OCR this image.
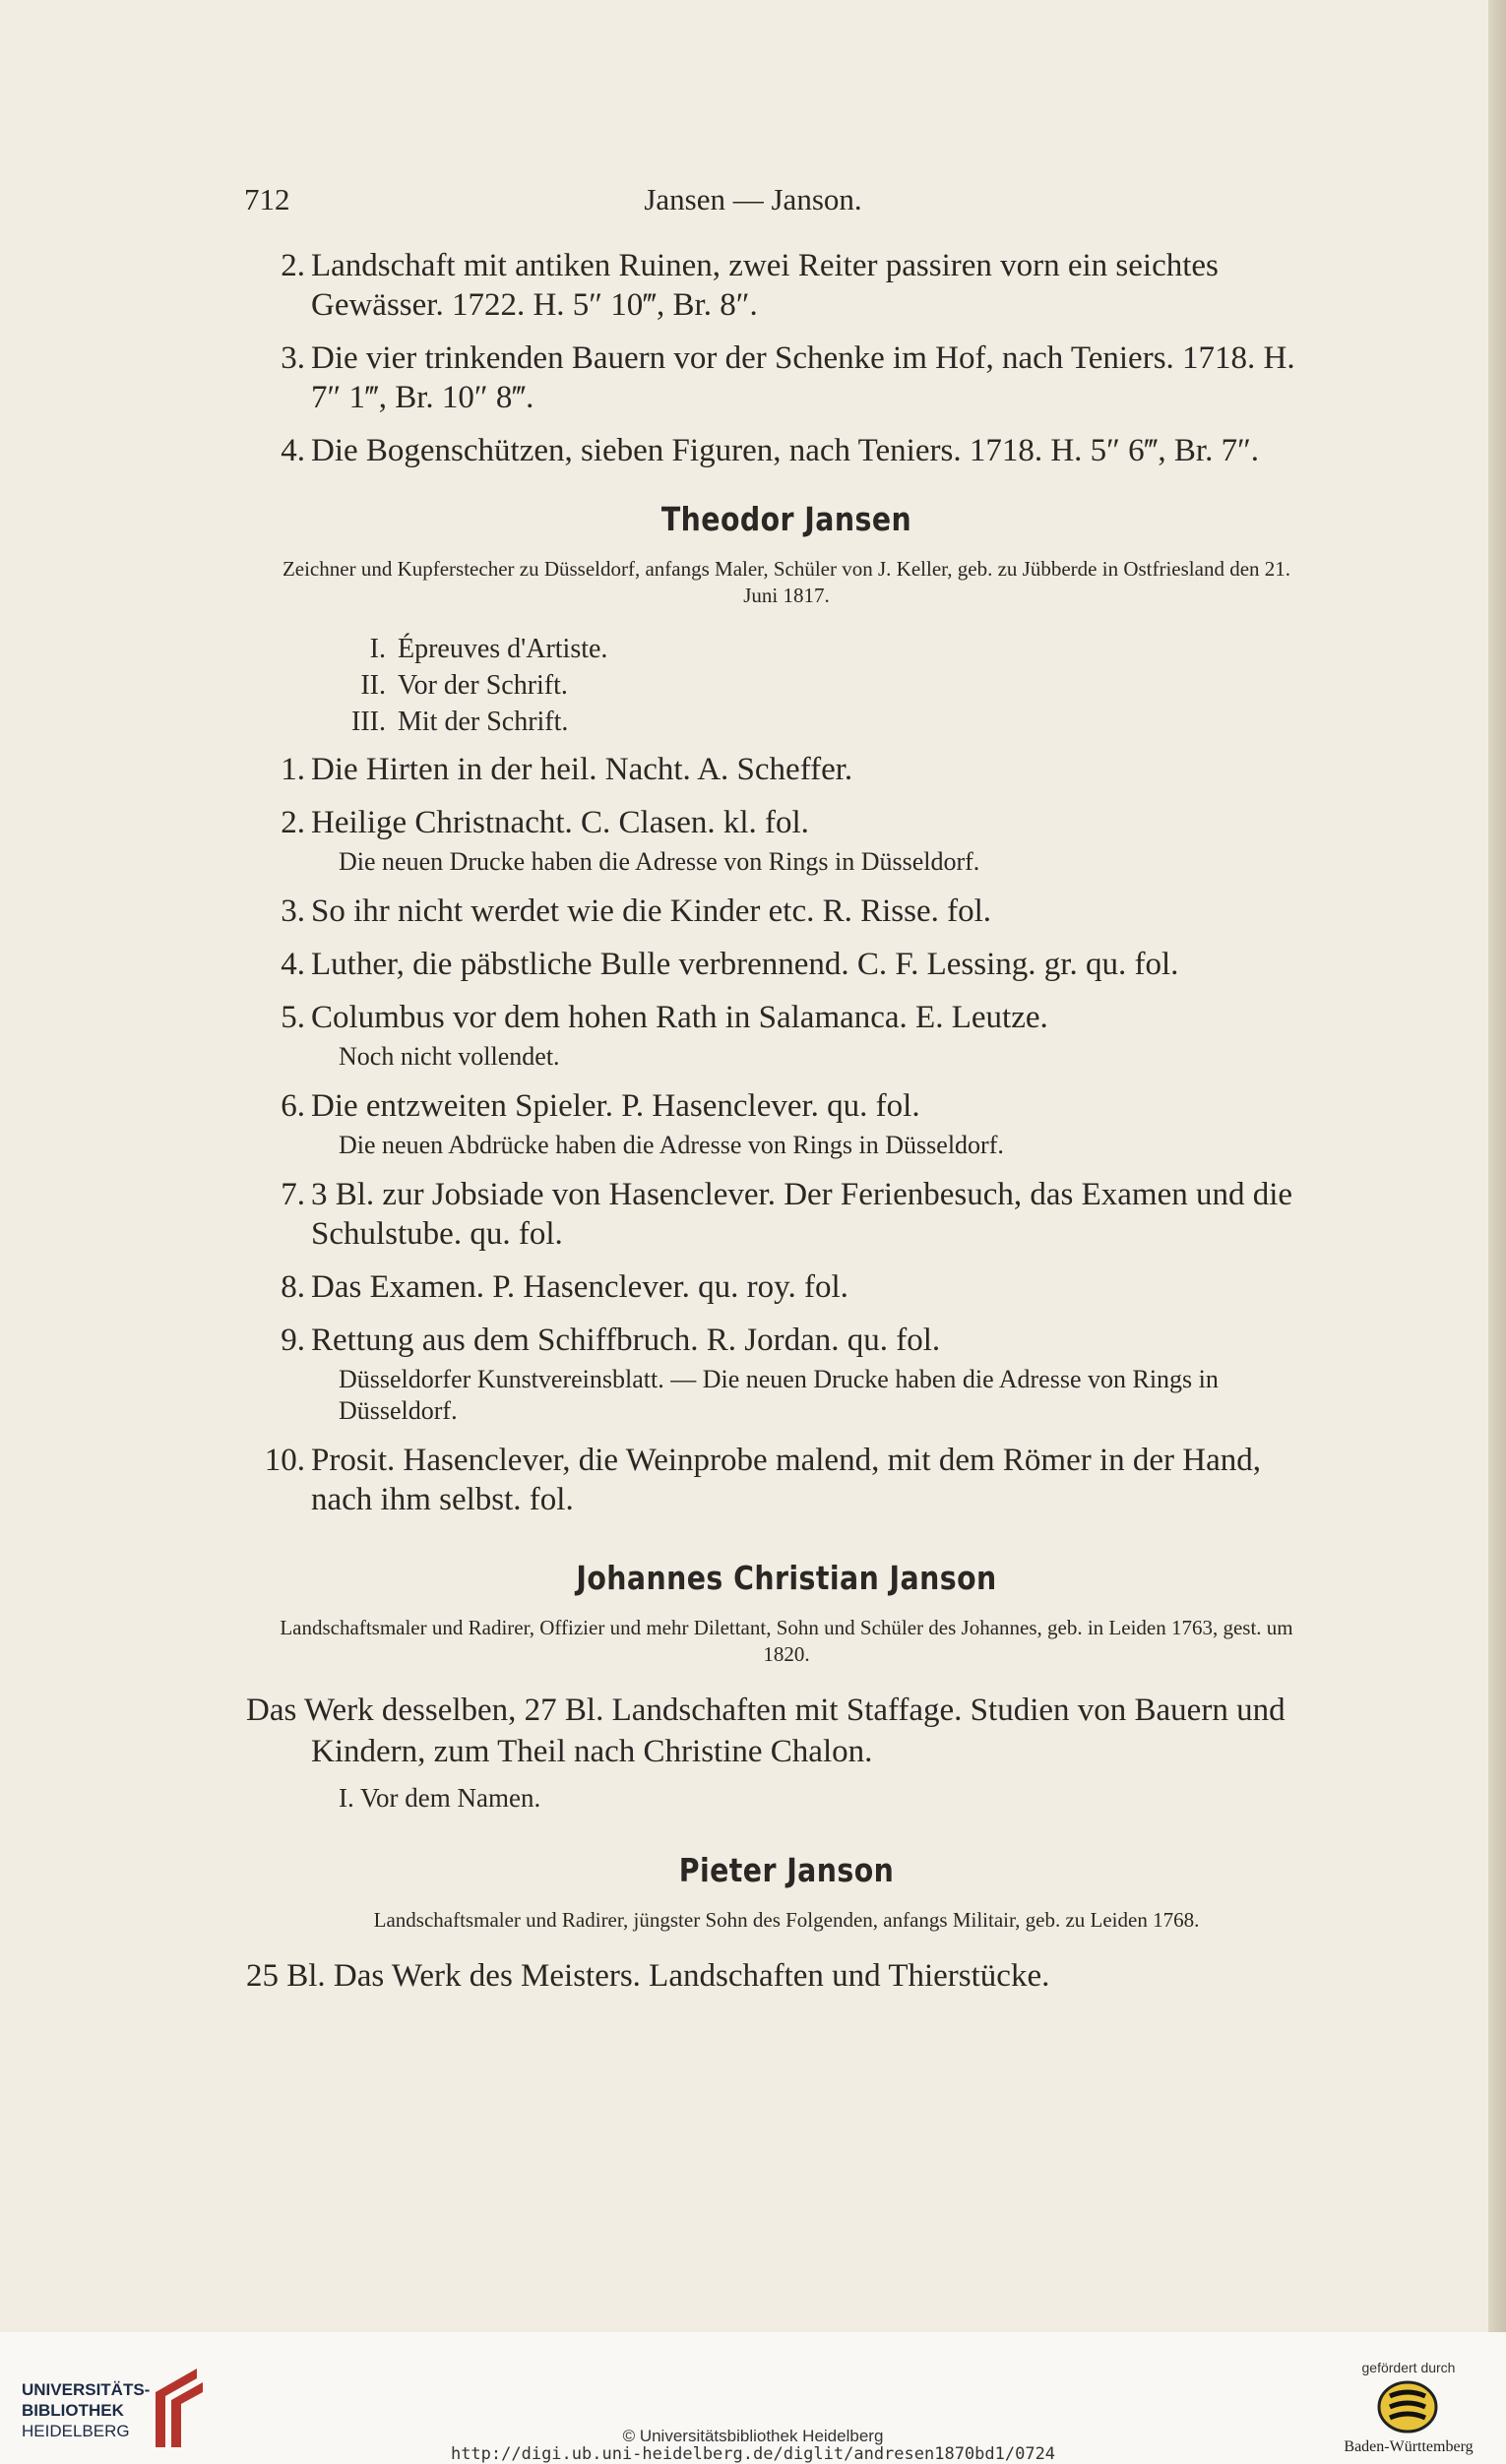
Jansen — Janson.
712
2. Landschaft mit antiken Ruinen, zwei Reiter passiren vorn ein seichtes Gewässer. 1722. H. 5″ 10‴, Br. 8″.
3. Die vier trinkenden Bauern vor der Schenke im Hof, nach Teniers. 1718. H. 7″ 1‴, Br. 10″ 8‴.
4. Die Bogenschützen, sieben Figuren, nach Teniers. 1718. H. 5″ 6‴, Br. 7″.
Theodor Jansen
Zeichner und Kupferstecher zu Düsseldorf, anfangs Maler, Schüler von J. Keller, geb. zu Jübberde in Ostfriesland den 21. Juni 1817.
I. Épreuves d'Artiste.
II. Vor der Schrift.
III. Mit der Schrift.
1. Die Hirten in der heil. Nacht. A. Scheffer.
2. Heilige Christnacht. C. Clasen. kl. fol.
Die neuen Drucke haben die Adresse von Rings in Düsseldorf.
3. So ihr nicht werdet wie die Kinder etc. R. Risse. fol.
4. Luther, die päbstliche Bulle verbrennend. C. F. Lessing. gr. qu. fol.
5. Columbus vor dem hohen Rath in Salamanca. E. Leutze.
Noch nicht vollendet.
6. Die entzweiten Spieler. P. Hasenclever. qu. fol.
Die neuen Abdrücke haben die Adresse von Rings in Düsseldorf.
7. 3 Bl. zur Jobsiade von Hasenclever. Der Ferienbesuch, das Examen und die Schulstube. qu. fol.
8. Das Examen. P. Hasenclever. qu. roy. fol.
9. Rettung aus dem Schiffbruch. R. Jordan. qu. fol.
Düsseldorfer Kunstvereinsblatt. — Die neuen Drucke haben die Adresse von Rings in Düsseldorf.
10. Prosit. Hasenclever, die Weinprobe malend, mit dem Römer in der Hand, nach ihm selbst. fol.
Johannes Christian Janson
Landschaftsmaler und Radirer, Offizier und mehr Dilettant, Sohn und Schüler des Johannes, geb. in Leiden 1763, gest. um 1820.
Das Werk desselben, 27 Bl. Landschaften mit Staffage. Studien von Bauern und Kindern, zum Theil nach Christine Chalon.
I. Vor dem Namen.
Pieter Janson
Landschaftsmaler und Radirer, jüngster Sohn des Folgenden, anfangs Militair, geb. zu Leiden 1768.
25 Bl. Das Werk des Meisters. Landschaften und Thierstücke.
UNIVERSITÄTS-
BIBLIOTHEK
HEIDELBERG	© Universitätsbibliothek Heidelberg
http://digi.ub.uni-heidelberg.de/diglit/andresen1870bd1/0724
gefördert durch
Baden-Württemberg
